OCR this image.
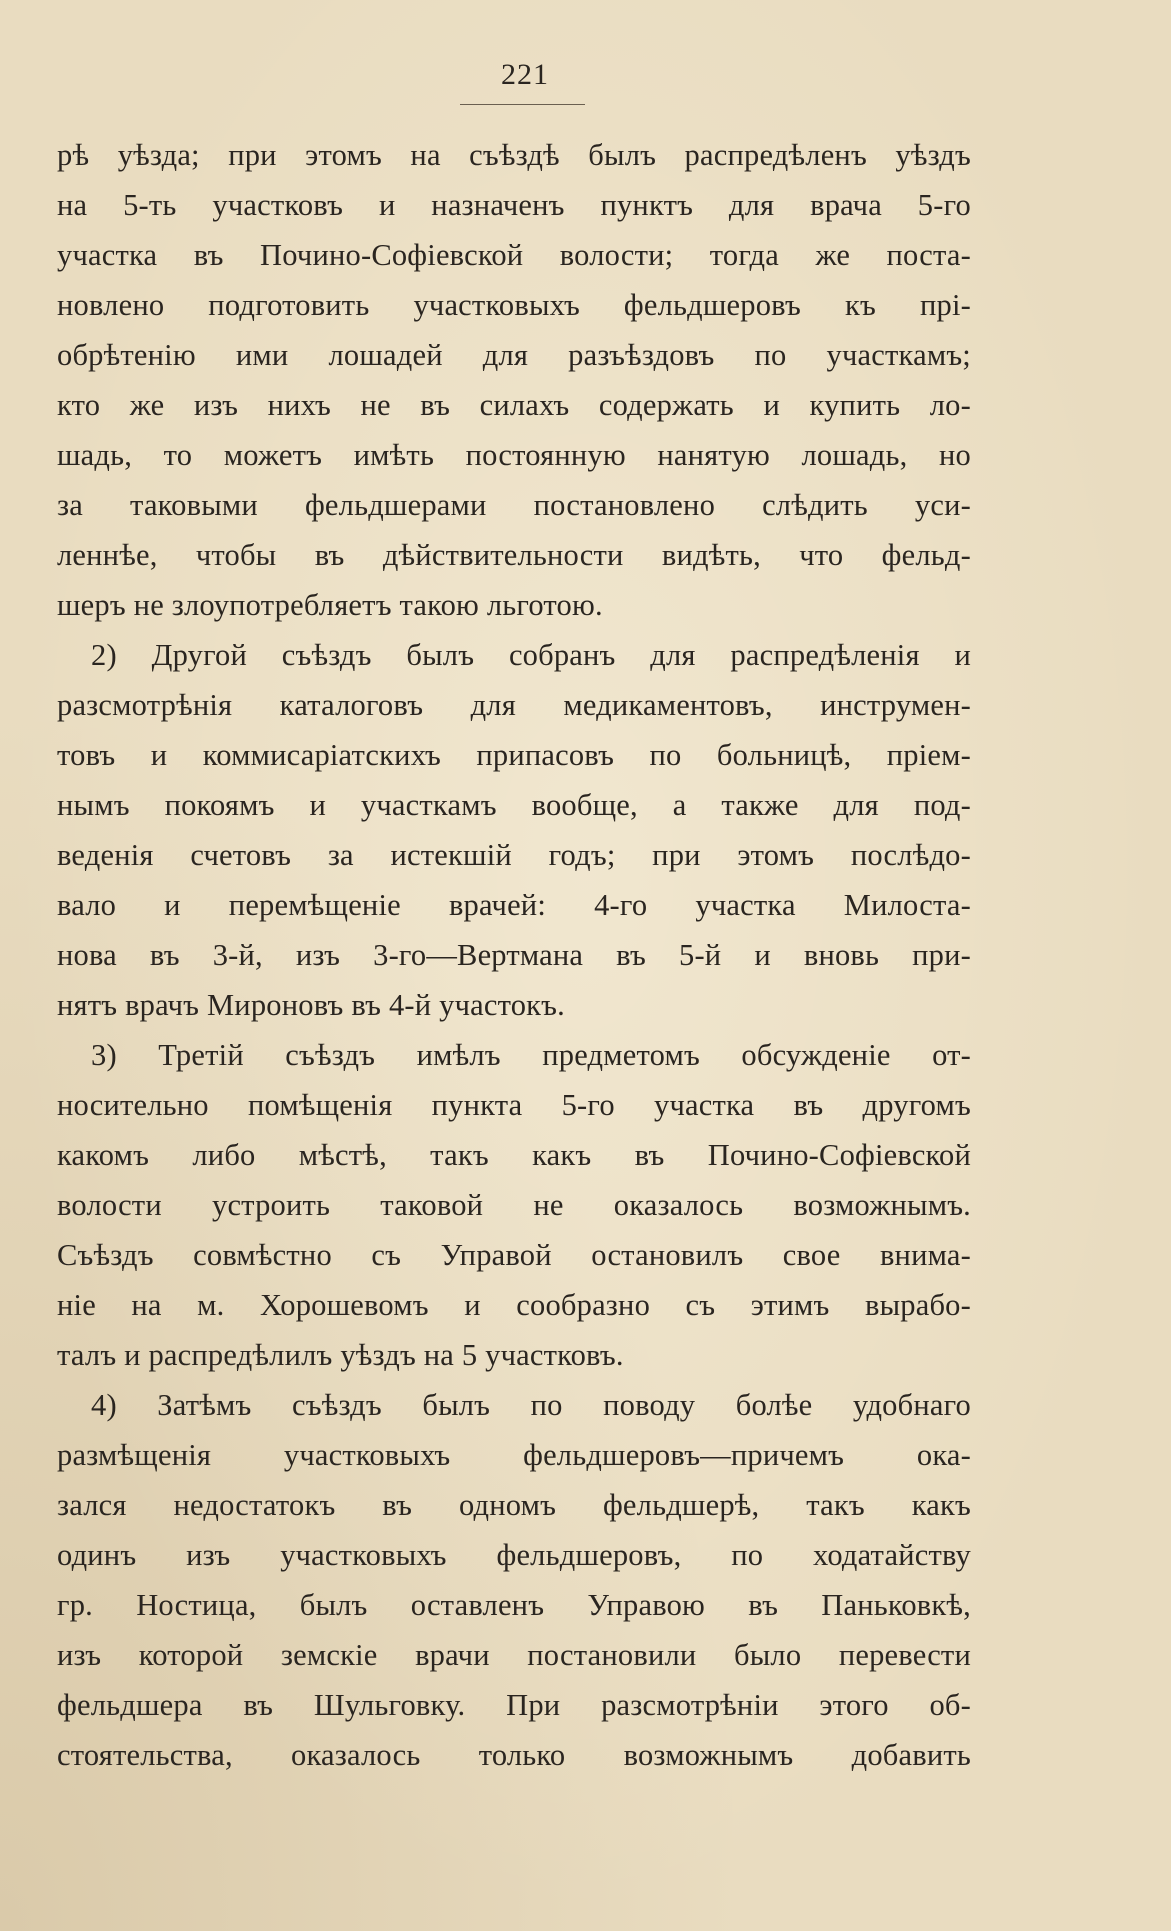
221
рѣ уѣзда; при этомъ на съѣздѣ былъ распредѣленъ уѣздъ
на 5-ть участковъ и назначенъ пунктъ для врача 5-го
участка въ Почино-Софіевской волости; тогда же поста-
новлено подготовить участковыхъ фельдшеровъ къ прі-
обрѣтенію ими лошадей для разъѣздовъ по участкамъ;
кто же изъ нихъ не въ силахъ содержать и купить ло-
шадь, то можетъ имѣть постоянную нанятую лошадь, но
за таковыми фельдшерами постановлено слѣдить уси-
леннѣе, чтобы въ дѣйствительности видѣть, что фельд-
шеръ не злоупотребляетъ такою льготою.
2) Другой съѣздъ былъ собранъ для распредѣленія и
разсмотрѣнія каталоговъ для медикаментовъ, инструмен-
товъ и коммисаріатскихъ припасовъ по больницѣ, пріем-
нымъ покоямъ и участкамъ вообще, а также для под-
веденія счетовъ за истекшій годъ; при этомъ послѣдо-
вало и перемѣщеніе врачей: 4-го участка Милоста-
нова въ 3-й, изъ 3-го—Вертмана въ 5-й и вновь при-
нятъ врачъ Мироновъ въ 4-й участокъ.
3) Третій съѣздъ имѣлъ предметомъ обсужденіе от-
носительно помѣщенія пункта 5-го участка въ другомъ
какомъ либо мѣстѣ, такъ какъ въ Почино-Софіевской
волости устроить таковой не оказалось возможнымъ.
Съѣздъ совмѣстно съ Управой остановилъ свое внима-
ніе на м. Хорошевомъ и сообразно съ этимъ вырабо-
талъ и распредѣлилъ уѣздъ на 5 участковъ.
4) Затѣмъ съѣздъ былъ по поводу болѣе удобнаго
размѣщенія участковыхъ фельдшеровъ—причемъ ока-
зался недостатокъ въ одномъ фельдшерѣ, такъ какъ
одинъ изъ участковыхъ фельдшеровъ, по ходатайству
гр. Ностица, былъ оставленъ Управою въ Паньковкѣ,
изъ которой земскіе врачи постановили было перевести
фельдшера въ Шульговку. При разсмотрѣніи этого об-
стоятельства, оказалось только возможнымъ добавить
